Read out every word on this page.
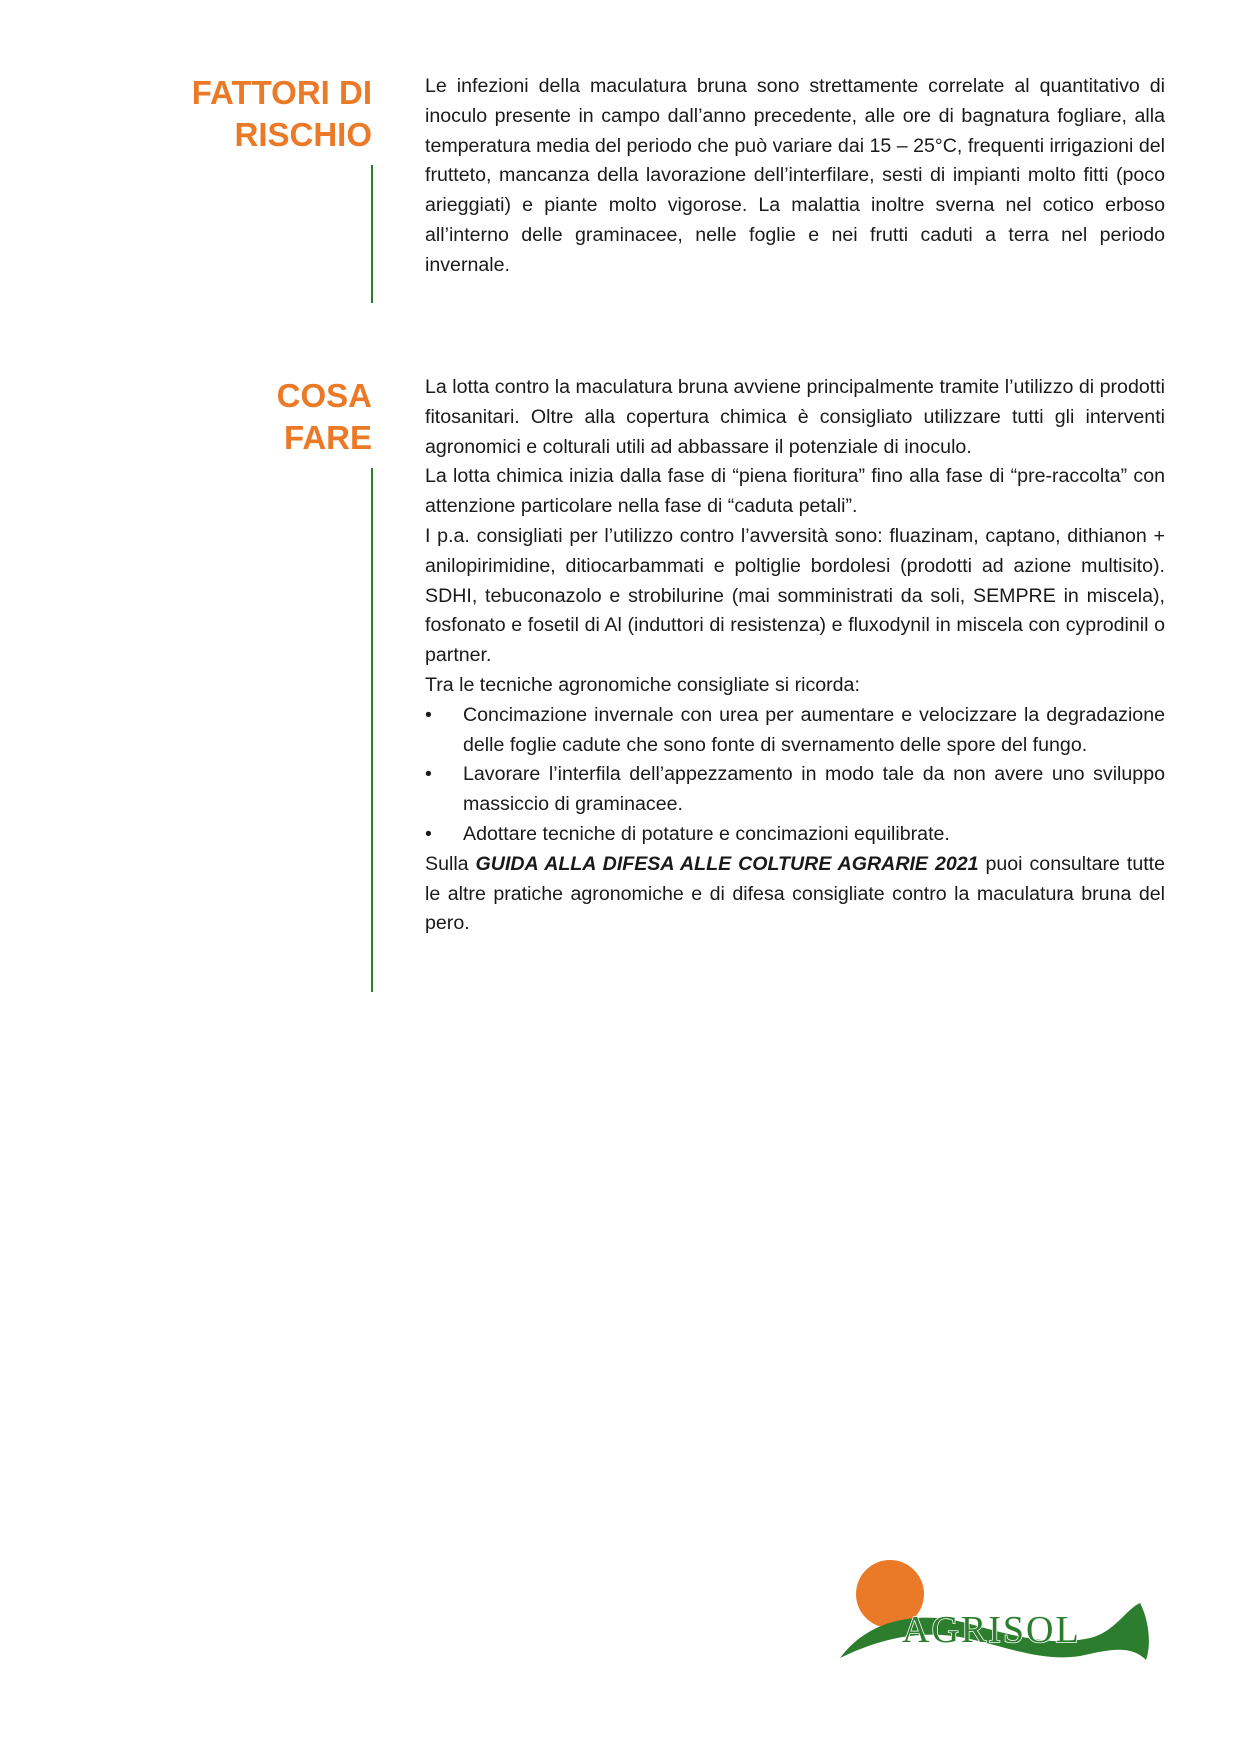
FATTORI DI
RISCHIO

Le infezioni della maculatura bruna sono strettamente correlate al quantitativo di inoculo presente in campo dall’anno precedente, alle ore di bagnatura fogliare, alla temperatura media del periodo che può variare dai 15 – 25°C, frequenti irrigazioni del frutteto, mancanza della lavorazione dell’interfilare, sesti di impianti molto fitti (poco arieggiati) e piante molto vigorose. La malattia inoltre sverna nel cotico erboso all’interno delle graminacee, nelle foglie e nei frutti caduti a terra nel periodo invernale.

COSA
FARE

La lotta contro la maculatura bruna avviene principalmente tramite l’utilizzo di prodotti fitosanitari. Oltre alla copertura chimica è consigliato utilizzare tutti gli interventi agronomici e colturali utili ad abbassare il potenziale di inoculo.

La lotta chimica inizia dalla fase di “piena fioritura” fino alla fase di “pre-raccolta” con attenzione particolare nella fase di “caduta petali”.

I p.a. consigliati per l’utilizzo contro l’avversità sono: fluazinam, captano, dithianon + anilopirimidine, ditiocarbammati e poltiglie bordolesi (prodotti ad azione multisito). SDHI, tebuconazolo e strobilurine (mai somministrati da soli, SEMPRE in miscela), fosfonato e fosetil di Al (induttori di resistenza) e fluxodynil in miscela con cyprodinil o partner.

Tra le tecniche agronomiche consigliate si ricorda:

• Concimazione invernale con urea per aumentare e velocizzare la degradazione delle foglie cadute che sono fonte di svernamento delle spore del fungo.
• Lavorare l’interfila dell’appezzamento in modo tale da non avere uno sviluppo massiccio di graminacee.
• Adottare tecniche di potature e concimazioni equilibrate.

Sulla GUIDA ALLA DIFESA ALLE COLTURE AGRARIE 2021 puoi consultare tutte le altre pratiche agronomiche e di difesa consigliate contro la maculatura bruna del pero.

AGRISOL
